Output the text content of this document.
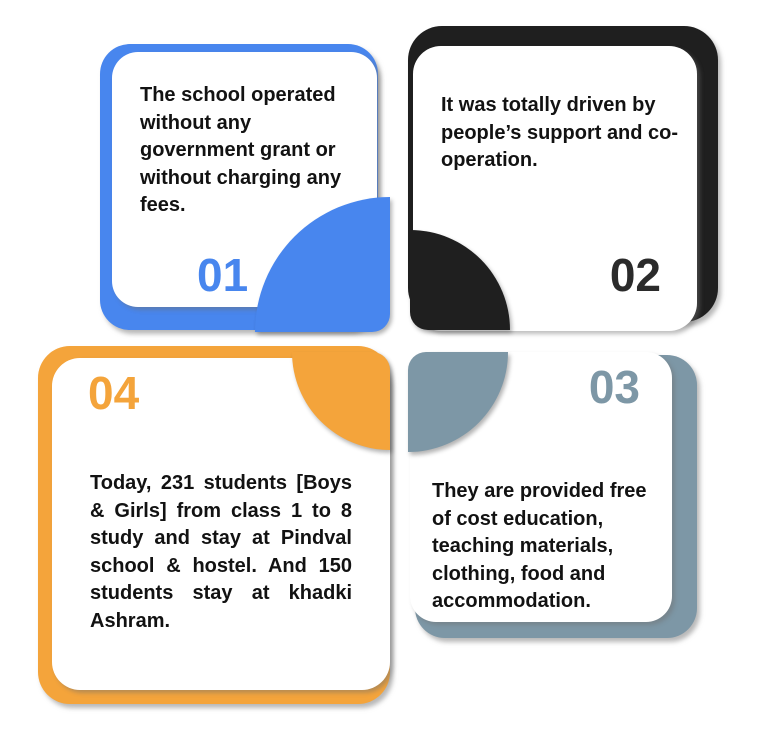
The school operated without any government grant or without charging any fees.

01

It was totally driven by people’s support and co-operation.

02
03

They are provided free of cost education, teaching materials, clothing, food and accommodation.

04

Today, 231 students [Boys & Girls] from class 1 to 8 study and stay at Pindval school & hostel. And 150 students stay at khadki Ashram.
